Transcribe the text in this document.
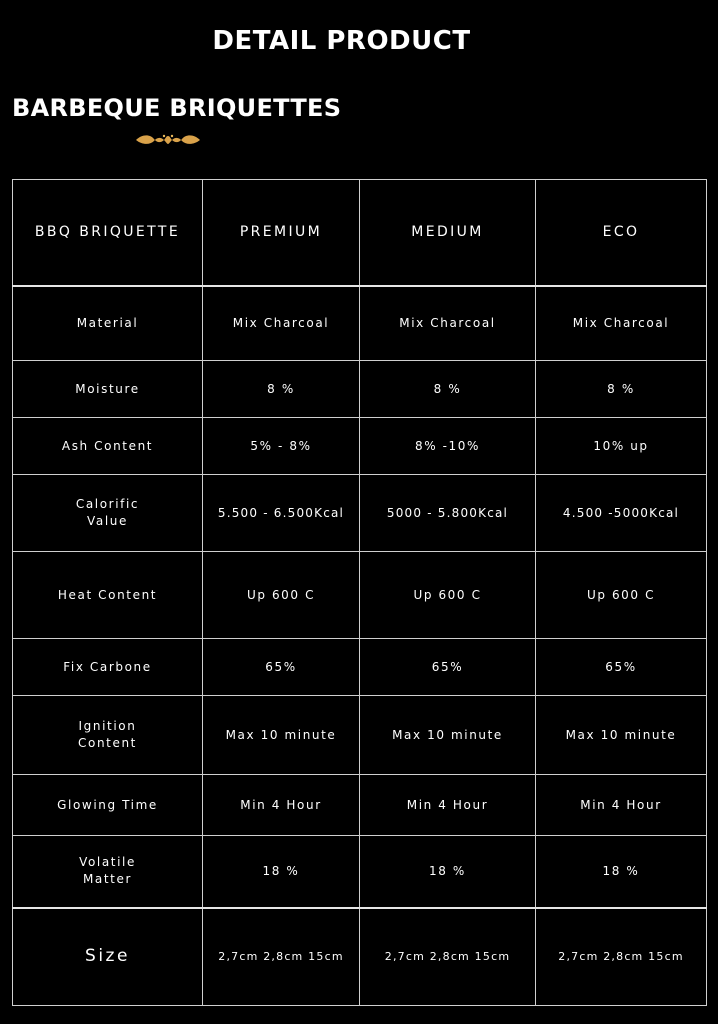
DETAIL PRODUCT
BARBEQUE BRIQUETTES
BBQ BRIQUETTE	PREMIUM	MEDIUM	ECO
Material	Mix Charcoal	Mix Charcoal	Mix Charcoal
Moisture	8 %	8 %	8 %
Ash Content	5% - 8%	8% -10%	10% up
Calorific Value	5.500 - 6.500Kcal	5000 - 5.800Kcal	4.500 -5000Kcal
Heat Content	Up 600 C	Up 600 C	Up 600 C
Fix Carbone	65%	65%	65%
Ignition Content	Max 10 minute	Max 10 minute	Max 10 minute
Glowing Time	Min 4 Hour	Min 4 Hour	Min 4 Hour
Volatile Matter	18 %	18 %	18 %
Size	2,7cm 2,8cm 15cm	2,7cm 2,8cm 15cm	2,7cm 2,8cm 15cm
